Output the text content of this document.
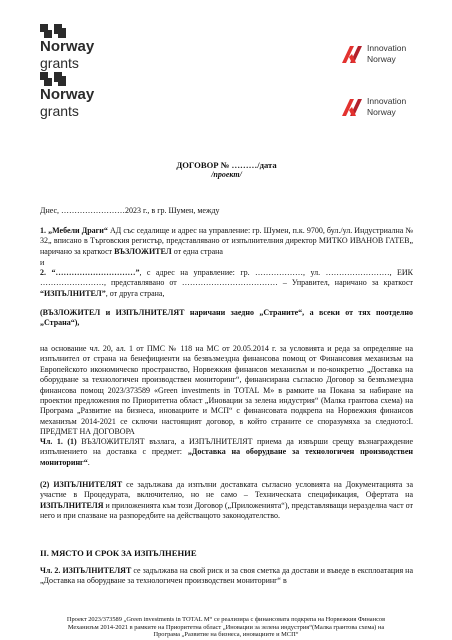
Norway
grants
Norway
grants
Innovation
Norway
Innovation
Norway
ДОГОВОР № ………/дата
/проект/
Днес, ……………………2023 г., в гр. Шумен, между
1. „Мебели Драги“ АД със седалище и адрес на управление: гр. Шумен, п.к. 9700, бул./ул. Индустриална № 32„ вписано в Търговския регистър, представлявано от изпълнителния директор МИТКО ИВАНОВ ГАТЕВ„ наричано за краткост ВЪЗЛОЖИТЕЛ от една страна
и
2. “…………………………”, с адрес на управление: гр. ………………, ул. ……………………, ЕИК ……………………, представлявано от ……………………………… – Управител, наричано за краткост “ИЗПЪЛНИТЕЛ”, от друга страна,
(ВЪЗЛОЖИТЕЛ и ИЗПЪЛНИТЕЛЯТ наричани заедно „Страните“, а всеки от тях поотделно „Страна“),
на основание чл. 20, ал. 1 от ПМС № 118 на МС от 20.05.2014 г. за условията и реда за определяне на изпълнител от страна на бенефициенти на безвъзмездна финансова помощ от Финансовия механизъм на Европейското икономическо пространство, Норвежкия финансов механизъм и по-конкретно „Доставка на оборудване за технологичен производствен мониторинг“, финансирана съгласно Договор за безвъзмездна финансова помощ 2023/373589 «Green investments in TOTAL M» в рамките на Покана за набиране на проектни предложения по Приоритетна област „Иновации за зелена индустрия“ (Малка грантова схема) на Програма „Развитие на бизнеса, иновациите и МСП“ с финансовата подкрепа на Норвежкия финансов механизъм 2014-2021 се сключи настоящият договор, в който страните се споразумяха за следното:І. ПРЕДМЕТ НА ДОГОВОРА
Чл. 1. (1) ВЪЗЛОЖИТЕЛЯТ възлага, а ИЗПЪЛНИТЕЛЯТ приема да извърши срещу възнаграждение изпълнението на доставка с предмет: „Доставка на оборудване за технологичен производствен мониторинг“.
(2) ИЗПЪЛНИТЕЛЯТ се задължава да изпълни доставката съгласно условията на Документацията за участие в Процедурата, включително, но не само – Техническата спецификация, Офертата на ИЗПЪЛНИТЕЛЯ и приложенията към този Договор („Приложенията“), представляващи неразделна част от него и при спазване на разпоредбите на действащото законодателство.
ІІ. МЯСТО И СРОК ЗА ИЗПЪЛНЕНИЕ
Чл. 2. ИЗПЪЛНИТЕЛЯТ се задължава на свой риск и за своя сметка да достави и въведе в експлоатация на „Доставка на оборудване за технологичен производствен мониторинг“ в
Проект 2023/373589 „Green investments in TOTAL M“ се реализира с финансовата подкрепа на Норвежкия Финансов Механизъм 2014-2021 в рамките на Приоритетна област „Иновации за зелена индустрия“(Малка грантова схема) на Програма „Развитие на бизнеса, иновациите и МСП“
